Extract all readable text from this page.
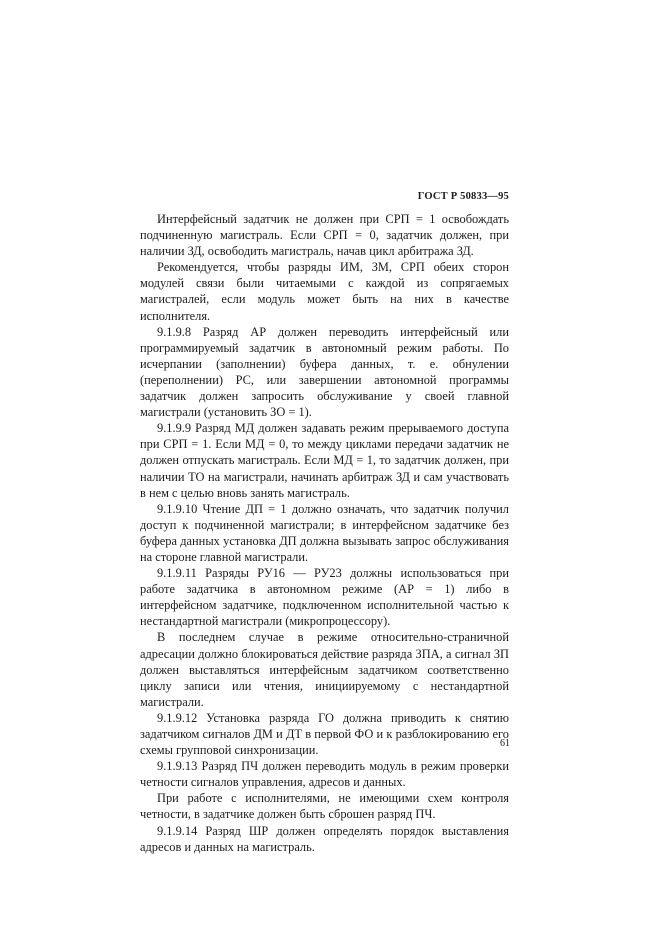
ГОСТ Р 50833—95

Интерфейсный задатчик не должен при СРП = 1 освобождать подчиненную магистраль. Если СРП = 0, задатчик должен, при наличии ЗД, освободить магистраль, начав цикл арбитража ЗД.

Рекомендуется, чтобы разряды ИМ, ЗМ, СРП обеих сторон модулей связи были читаемыми с каждой из сопрягаемых магистралей, если модуль может быть на них в качестве исполнителя.

9.1.9.8 Разряд АР должен переводить интерфейсный или программируемый задатчик в автономный режим работы. По исчерпании (заполнении) буфера данных, т. е. обнулении (переполнении) РС, или завершении автономной программы задатчик должен запросить обслуживание у своей главной магистрали (установить ЗО = 1).

9.1.9.9 Разряд МД должен задавать режим прерываемого доступа при СРП = 1. Если МД = 0, то между циклами передачи задатчик не должен отпускать магистраль. Если МД = 1, то задатчик должен, при наличии ТО на магистрали, начинать арбитраж ЗД и сам участвовать в нем с целью вновь занять магистраль.

9.1.9.10 Чтение ДП = 1 должно означать, что задатчик получил доступ к подчиненной магистрали; в интерфейсном задатчике без буфера данных установка ДП должна вызывать запрос обслуживания на стороне главной магистрали.

9.1.9.11 Разряды РУ16 — РУ23 должны использоваться при работе задатчика в автономном режиме (АР = 1) либо в интерфейсном задатчике, подключенном исполнительной частью к нестандартной магистрали (микропроцессору).

В последнем случае в режиме относительно-страничной адресации должно блокироваться действие разряда ЗПА, а сигнал ЗП должен выставляться интерфейсным задатчиком соответственно циклу записи или чтения, инициируемому с нестандартной магистрали.

9.1.9.12 Установка разряда ГО должна приводить к снятию задатчиком сигналов ДМ и ДТ в первой ФО и к разблокированию его схемы групповой синхронизации.

9.1.9.13 Разряд ПЧ должен переводить модуль в режим проверки четности сигналов управления, адресов и данных.

При работе с исполнителями, не имеющими схем контроля четности, в задатчике должен быть сброшен разряд ПЧ.

9.1.9.14 Разряд ШР должен определять порядок выставления адресов и данных на магистраль.

61
